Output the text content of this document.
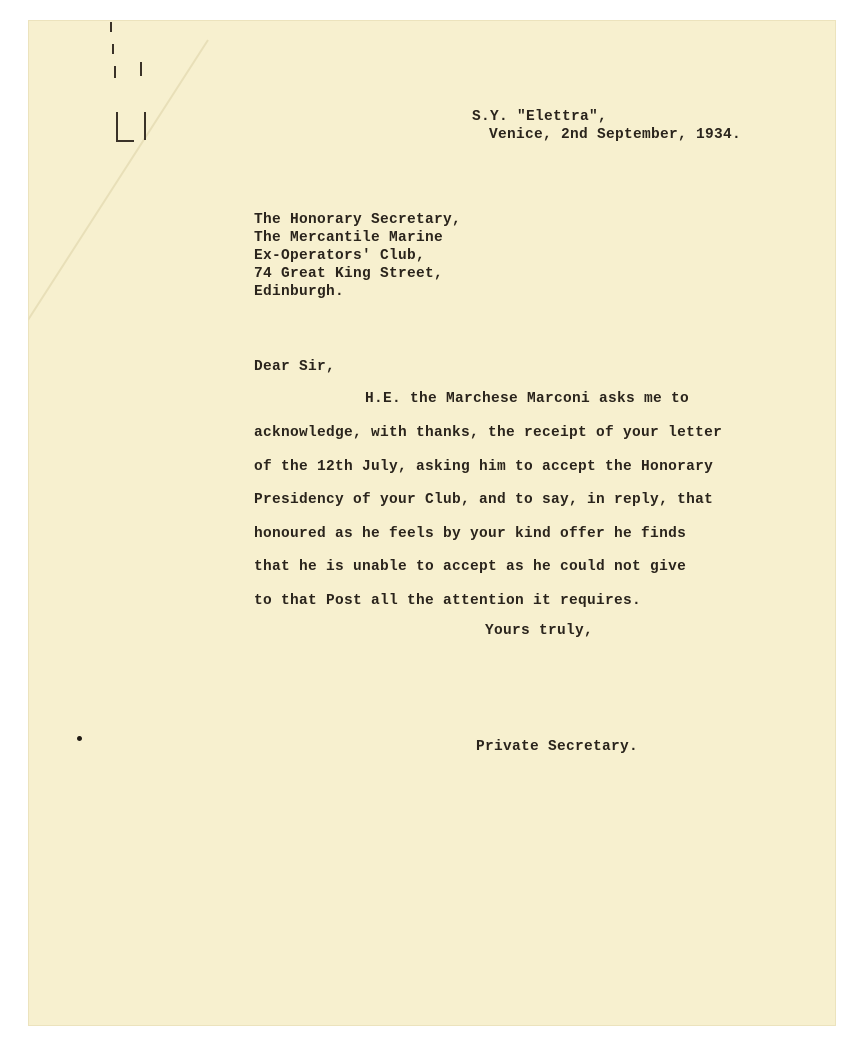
S.Y. "Elettra",
Venice, 2nd September, 1934.
The Honorary Secretary,
The Mercantile Marine
Ex-Operators' Club,
74 Great King Street,
Edinburgh.
Dear Sir,
H.E. the Marchese Marconi asks me to
acknowledge, with thanks, the receipt of your letter
of the 12th July, asking him to accept the Honorary
Presidency of your Club, and to say, in reply, that
honoured as he feels by your kind offer he finds
that he is unable to accept as he could not give
to that Post all the attention it requires.
Yours truly,
Private Secretary.
